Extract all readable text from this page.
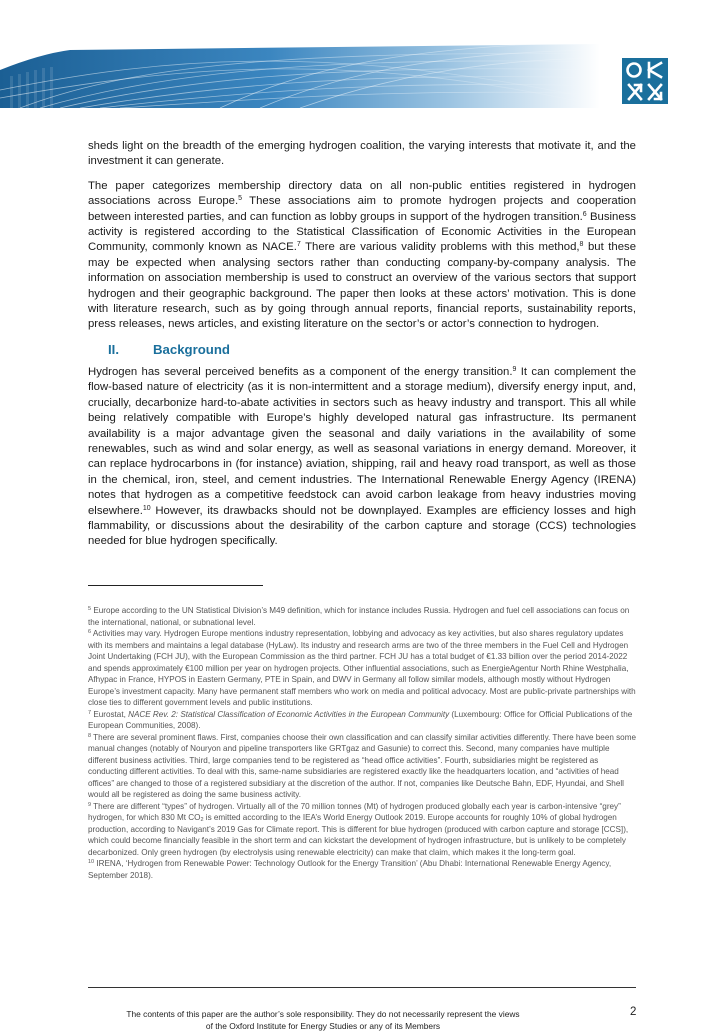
sheds light on the breadth of the emerging hydrogen coalition, the varying interests that motivate it, and the investment it can generate.

The paper categorizes membership directory data on all non-public entities registered in hydrogen associations across Europe.$^5$ These associations aim to promote hydrogen projects and cooperation between interested parties, and can function as lobby groups in support of the hydrogen transition.$^6$ Business activity is registered according to the Statistical Classification of Economic Activities in the European Community, commonly known as NACE.$^7$ There are various validity problems with this method,$^8$ but these may be expected when analysing sectors rather than conducting company-by-company analysis. The information on association membership is used to construct an overview of the various sectors that support hydrogen and their geographic background. The paper then looks at these actors’ motivation. This is done with literature research, such as by going through annual reports, financial reports, sustainability reports, press releases, news articles, and existing literature on the sector’s or actor’s connection to hydrogen.

II.	Background

Hydrogen has several perceived benefits as a component of the energy transition.$^9$ It can complement the flow-based nature of electricity (as it is non-intermittent and a storage medium), diversify energy input, and, crucially, decarbonize hard-to-abate activities in sectors such as heavy industry and transport. This all while being relatively compatible with Europe’s highly developed natural gas infrastructure. Its permanent availability is a major advantage given the seasonal and daily variations in the availability of some renewables, such as wind and solar energy, as well as seasonal variations in energy demand. Moreover, it can replace hydrocarbons in (for instance) aviation, shipping, rail and heavy road transport, as well as those in the chemical, iron, steel, and cement industries. The International Renewable Energy Agency (IRENA) notes that hydrogen as a competitive feedstock can avoid carbon leakage from heavy industries moving elsewhere.$^{10}$ However, its drawbacks should not be downplayed. Examples are efficiency losses and high flammability, or discussions about the desirability of the carbon capture and storage (CCS) technologies needed for blue hydrogen specifically.

$^5$ Europe according to the UN Statistical Division’s M49 definition, which for instance includes Russia. Hydrogen and fuel cell associations can focus on the international, national, or subnational level.
$^6$ Activities may vary. Hydrogen Europe mentions industry representation, lobbying and advocacy as key activities, but also shares regulatory updates with its members and maintains a legal database (HyLaw). Its industry and research arms are two of the three members in the Fuel Cell and Hydrogen Joint Undertaking (FCH JU), with the European Commission as the third partner. FCH JU has a total budget of €1.33 billion over the period 2014-2022 and spends approximately €100 million per year on hydrogen projects. Other influential associations, such as EnergieAgentur North Rhine Westphalia, Afhypac in France, HYPOS in Eastern Germany, PTE in Spain, and DWV in Germany all follow similar models, although mostly without Hydrogen Europe’s investment capacity. Many have permanent staff members who work on media and political advocacy. Most are public-private partnerships with close ties to different government levels and public institutions.
$^7$ Eurostat, NACE Rev. 2: Statistical Classification of Economic Activities in the European Community (Luxembourg: Office for Official Publications of the European Communities, 2008).
$^8$ There are several prominent flaws. First, companies choose their own classification and can classify similar activities differently. There have been some manual changes (notably of Nouryon and pipeline transporters like GRTgaz and Gasunie) to correct this. Second, many companies have multiple different business activities. Third, large companies tend to be registered as “head office activities”. Fourth, subsidiaries might be registered as conducting different activities. To deal with this, same-name subsidiaries are registered exactly like the headquarters location, and “activities of head offices” are changed to those of a registered subsidiary at the discretion of the author. If not, companies like Deutsche Bahn, EDF, Hyundai, and Shell would all be registered as doing the same business activity.
$^9$ There are different “types” of hydrogen. Virtually all of the 70 million tonnes (Mt) of hydrogen produced globally each year is carbon-intensive “grey” hydrogen, for which 830 Mt $CO_2$ is emitted according to the IEA’s World Energy Outlook 2019. Europe accounts for roughly 10% of global hydrogen production, according to Navigant’s 2019 Gas for Climate report. This is different for blue hydrogen (produced with carbon capture and storage [CCS]), which could become financially feasible in the short term and can kickstart the development of hydrogen infrastructure, but is unlikely to be completely decarbonized. Only green hydrogen (by electrolysis using renewable electricity) can make that claim, which makes it the long-term goal.
$^{10}$ IRENA, ‘Hydrogen from Renewable Power: Technology Outlook for the Energy Transition’ (Abu Dhabi: International Renewable Energy Agency, September 2018).
The contents of this paper are the author’s sole responsibility. They do not necessarily represent the views
of the Oxford Institute for Energy Studies or any of its Members
2
